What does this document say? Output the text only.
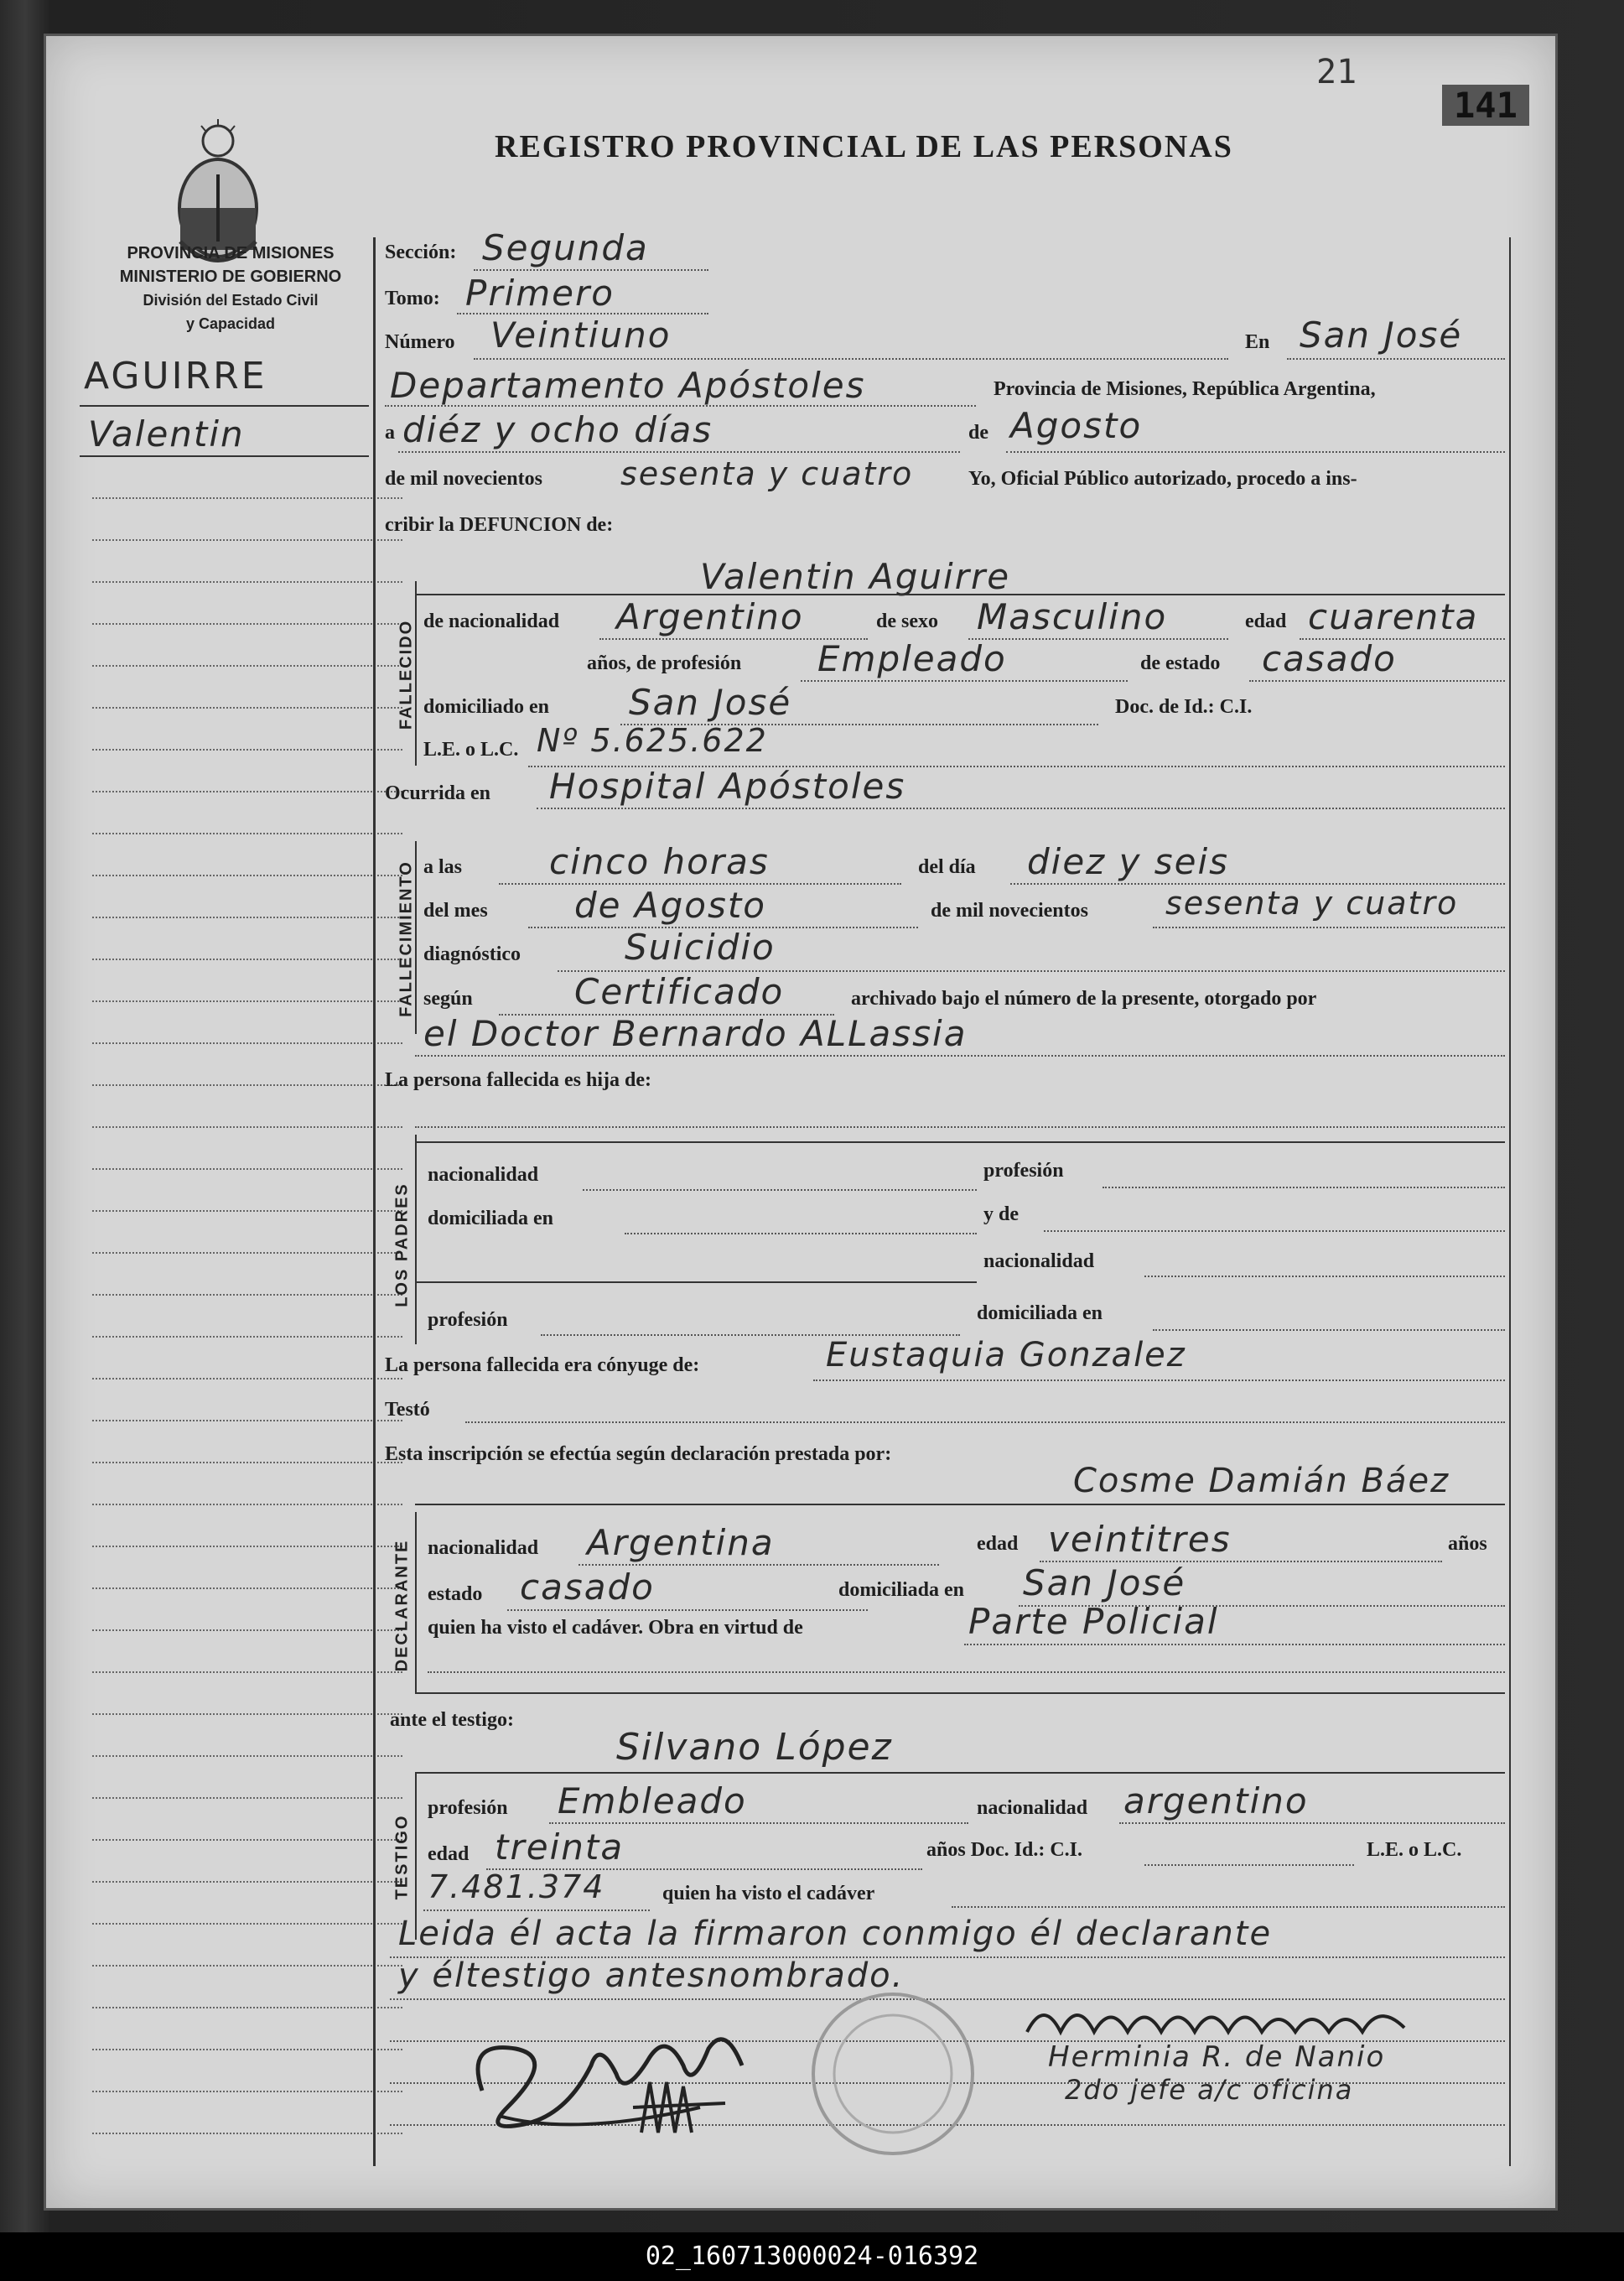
21
141
REGISTRO PROVINCIAL DE LAS PERSONAS
PROVINCIA DE MISIONES
MINISTERIO DE GOBIERNO
División del Estado Civil
y Capacidad
AGUIRRE
Valentin
Sección: Segunda
Tomo: Primero
Número Veintiuno	En San José
Departamento Apóstoles	Provincia de Misiones, República Argentina,
a diéz y ocho días	de Agosto
de mil novecientos sesenta y cuatro	Yo, Oficial Público autorizado, procedo a ins-
cribir la DEFUNCION de:
FALLECIDO
Valentin Aguirre
de nacionalidad Argentino	de sexo Masculino	edad cuarenta
años, de profesión Empleado	de estado casado
domiciliado en San José	Doc. de Id.: C.I.
L.E. o L.C. Nº 5.625.622
Ocurrida en Hospital Apóstoles
FALLECIMIENTO a las cinco horas	del día diez y seis
del mes de Agosto	de mil novecientos sesenta y cuatro
diagnóstico	Suicidio
según	Certificado	archivado bajo el número de la presente, otorgado por
el Doctor Bernardo ALLassia
La persona fallecida es hija de:
LOS PADRES
nacionalidad	profesión
domiciliada en	y de
nacionalidad
profesión	domiciliada en
La persona fallecida era cónyuge de:	Eustaquia Gonzalez
Testó
Esta inscripción se efectúa según declaración prestada por:
Cosme Damián Báez
DECLARANTE nacionalidad Argentina	edad veintitres	años
estado casado	domiciliada en San José
quien ha visto el cadáver. Obra en virtud de	Parte Policial
ante el testigo:
Silvano López
TESTIGO
profesión Embleado	nacionalidad argentino
edad treinta	años Doc. Id.: C.I.	L.E. o L.C.
7.481.374	quien ha visto el cadáver
Leida él acta la firmaron conmigo él declarante
y éltestigo antesnombrado.
Herminia R. de Nanio
2do jefe a/c oficina
02_160713000024-016392
